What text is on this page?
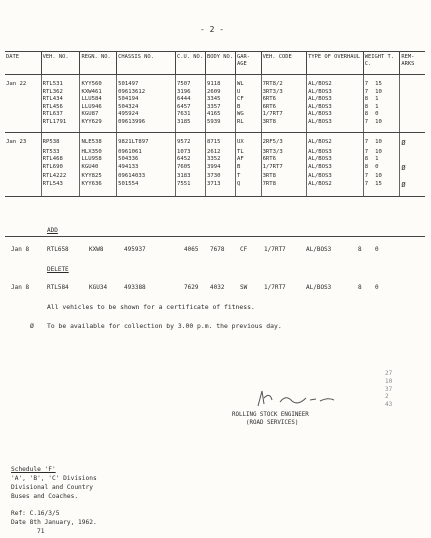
- 2 -
DATE	VEH. NO.	REGN. NO.	CHASSIS NO.	C.U. NO.	BODY NO.	GAR- AGE	VEH. CODE	TYPE OF OVERHAUL	WEIGHT T. C.	REM- ARKS
Jan 22	RTL531	KYY560	501497	7507	9118	WL	7RT8/2	AL/BOS2	7 15	
	RTL362	KXW461	09613612	3196	2609	U	3RT3/3	AL/BOS3	7 10	
	RTL434	LLU584	504194	6444	3345	CF	6RT6	AL/BOS3	8 1	
	RTL456	LLU946	504324	6457	3357	B	6RT6	AL/BOS3	8 1	
	RTL637	KGU87	495924	7631	4165	WG	1/7RT7	AL/BOS3	8 0	
	RTL1791	KYY629	09613996	3185	5939	RL	3RT8	AL/BOS3	7 10	
Jan 23	RP538	NLE538	9821LT897	9572	8715	UX	2RF5/3	AL/BOS2	7 10	Ø
	RT533	HLX350	0961061	1073	2612	TL	3RT3/3	AL/BOS3	7 10	
	RTL468	LLU958	504336	6452	3352	AF	6RT6	AL/BOS3	8 1	
	RTL690	KGU40	494133	7605	3994	B	1/7RT7	AL/BOS3	8 0	Ø
	RTL4222	KYY825	09614033	3183	3730	T	3RT8	AL/BOS3	7 10	
	RTL543	KYY636	501554	7551	3713	Q	7RT8	AL/BOS2	7 15	Ø
ADD
Jan 8	RTL658	KXW8	495937	4065 7678	CF	1/7RT7	AL/BOS3	8 0
DELETE
Jan 8	RTL584	KGU34	493388	7629 4032	SW	1/7RT7	AL/BOS3	8 0
All vehicles to be shown for a certificate of fitness.
Ø To be available for collection by 3.00 p.m. the previous day.
ROLLING STOCK ENGINEER
(ROAD SERVICES)
27
10
37
2
43
Schedule 'F'
'A', 'B', 'C' Divisions
Divisional and Country
Buses and Coaches.
Ref: C.16/3/5
Date 8th January, 1962.
71
